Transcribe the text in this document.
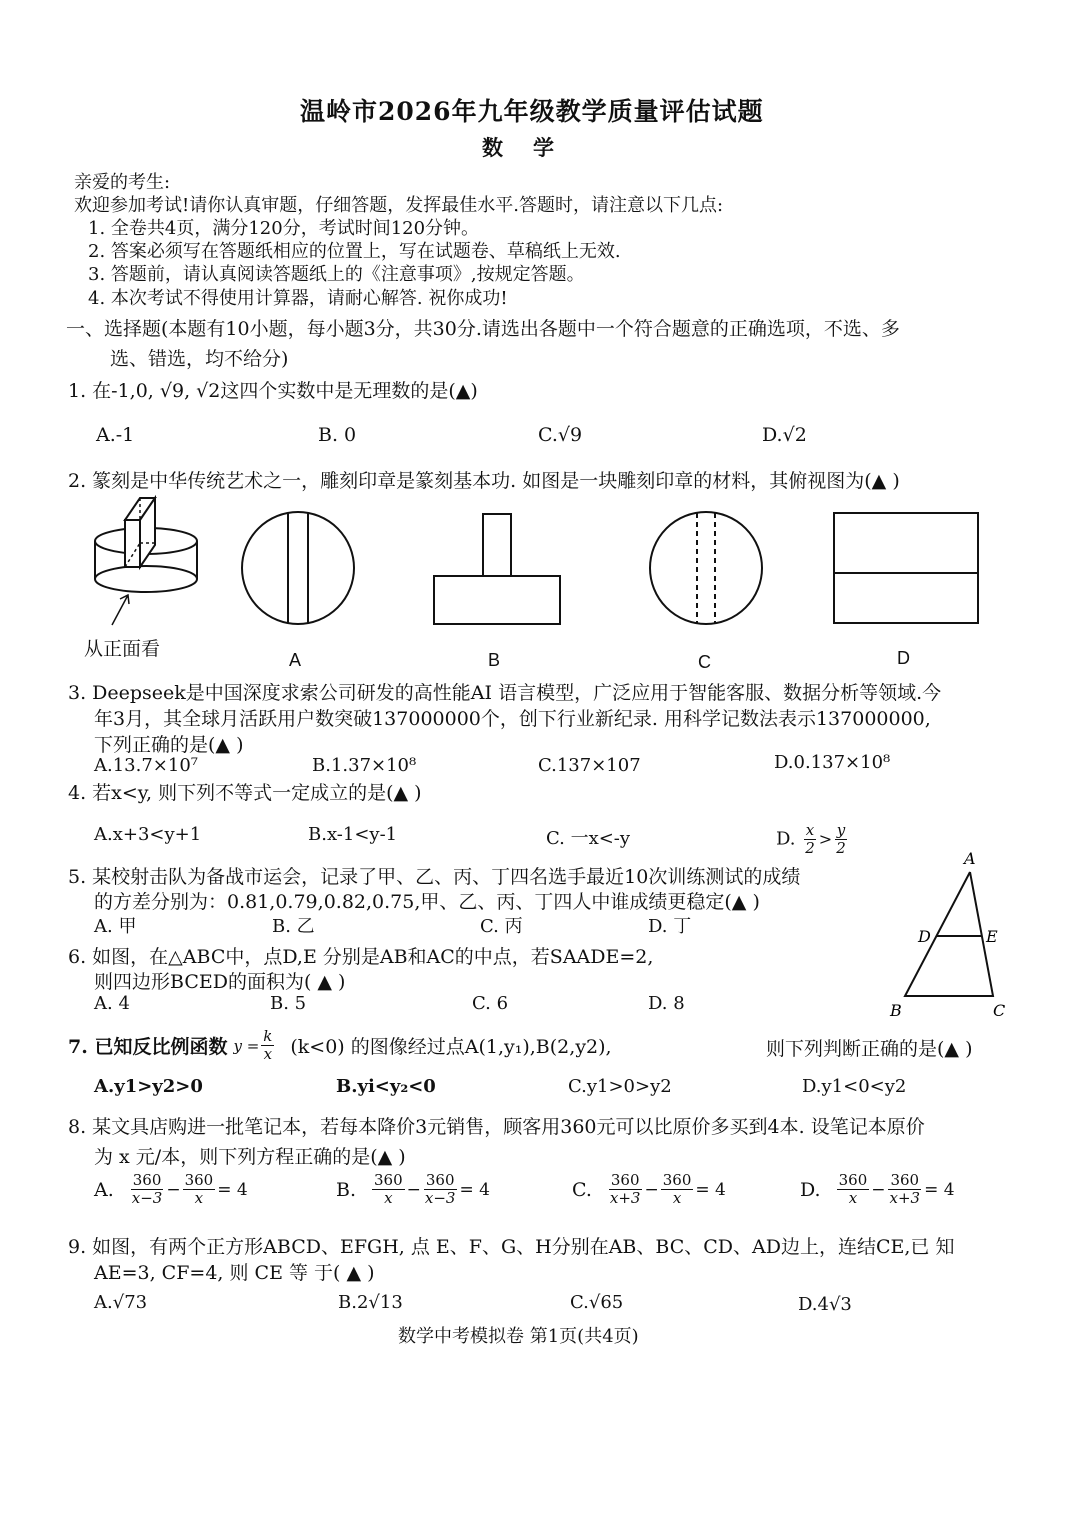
温岭市2026年九年级教学质量评估试题
数学
亲爱的考生:
欢迎参加考试!请你认真审题，仔细答题，发挥最佳水平.答题时，请注意以下几点:
1. 全卷共4页，满分120分，考试时间120分钟。
2. 答案必须写在答题纸相应的位置上，写在试题卷、草稿纸上无效.
3. 答题前，请认真阅读答题纸上的《注意事项》,按规定答题。
4. 本次考试不得使用计算器，请耐心解答. 祝你成功!
一、选择题(本题有10小题，每小题3分，共30分.请选出各题中一个符合题意的正确选项，不选、多
选、错选，均不给分)
1. 在-1,0, √9, √2这四个实数中是无理数的是(▲)
A.-1	B. 0	C.√9	D.√2
2. 篆刻是中华传统艺术之一，雕刻印章是篆刻基本功. 如图是一块雕刻印章的材料，其俯视图为(▲ )
从正面看	A	B	C	D
3. Deepseek是中国深度求索公司研发的高性能AI 语言模型，广泛应用于智能客服、数据分析等领域.今
年3月，其全球月活跃用户数突破137000000个，创下行业新纪录. 用科学记数法表示137000000,
下列正确的是(▲ )
A.13.7×10⁷	B.1.37×10⁸	C.137×107	D.0.137×10⁸
4. 若x<y, 则下列不等式一定成立的是(▲ )
A.x+3<y+1	B.x-1<y-1	C. 一x<-y	D. $\frac{x}{2} > \frac{y}{2}$
5. 某校射击队为备战市运会，记录了甲、乙、丙、丁四名选手最近10次训练测试的成绩
的方差分别为：0.81,0.79,0.82,0.75,甲、乙、丙、丁四人中谁成绩更稳定(▲ )
A. 甲	B. 乙	C. 丙	D. 丁
6. 如图，在△ABC中，点D,E 分别是AB和AC的中点，若SAADE=2,
则四边形BCED的面积为( ▲ )
A. 4	B. 5	C. 6	D. 8
A
D	E
B	C
7. 已知反比例函数 $y = \frac{k}{x} (k<0)$ 的图像经过点A(1,y₁),B(2,y2),	则下列判断正确的是(▲ )
A.y1>y2>0	B.yi<y₂<0	C.y1>0>y2	D.y1<0<y2
8. 某文具店购进一批笔记本，若每本降价3元销售，顾客用360元可以比原价多买到4本. 设笔记本原价
为 x 元/本，则下列方程正确的是(▲ )
A. $\frac{360}{x-3} - \frac{360}{x} = 4$	B. $\frac{360}{x} - \frac{360}{x-3} = 4$	C. $\frac{360}{x+3} - \frac{360}{x} = 4$	D. $\frac{360}{x} - \frac{360}{x+3} = 4$
9. 如图，有两个正方形ABCD、EFGH, 点 E、F、G、H分别在AB、BC、CD、AD边上，连结CE,已 知
AE=3, CF=4, 则 CE 等 于( ▲ )
A.√73	B.2√13	C.√65	D.4√3
数学中考模拟卷 第1页(共4页)
